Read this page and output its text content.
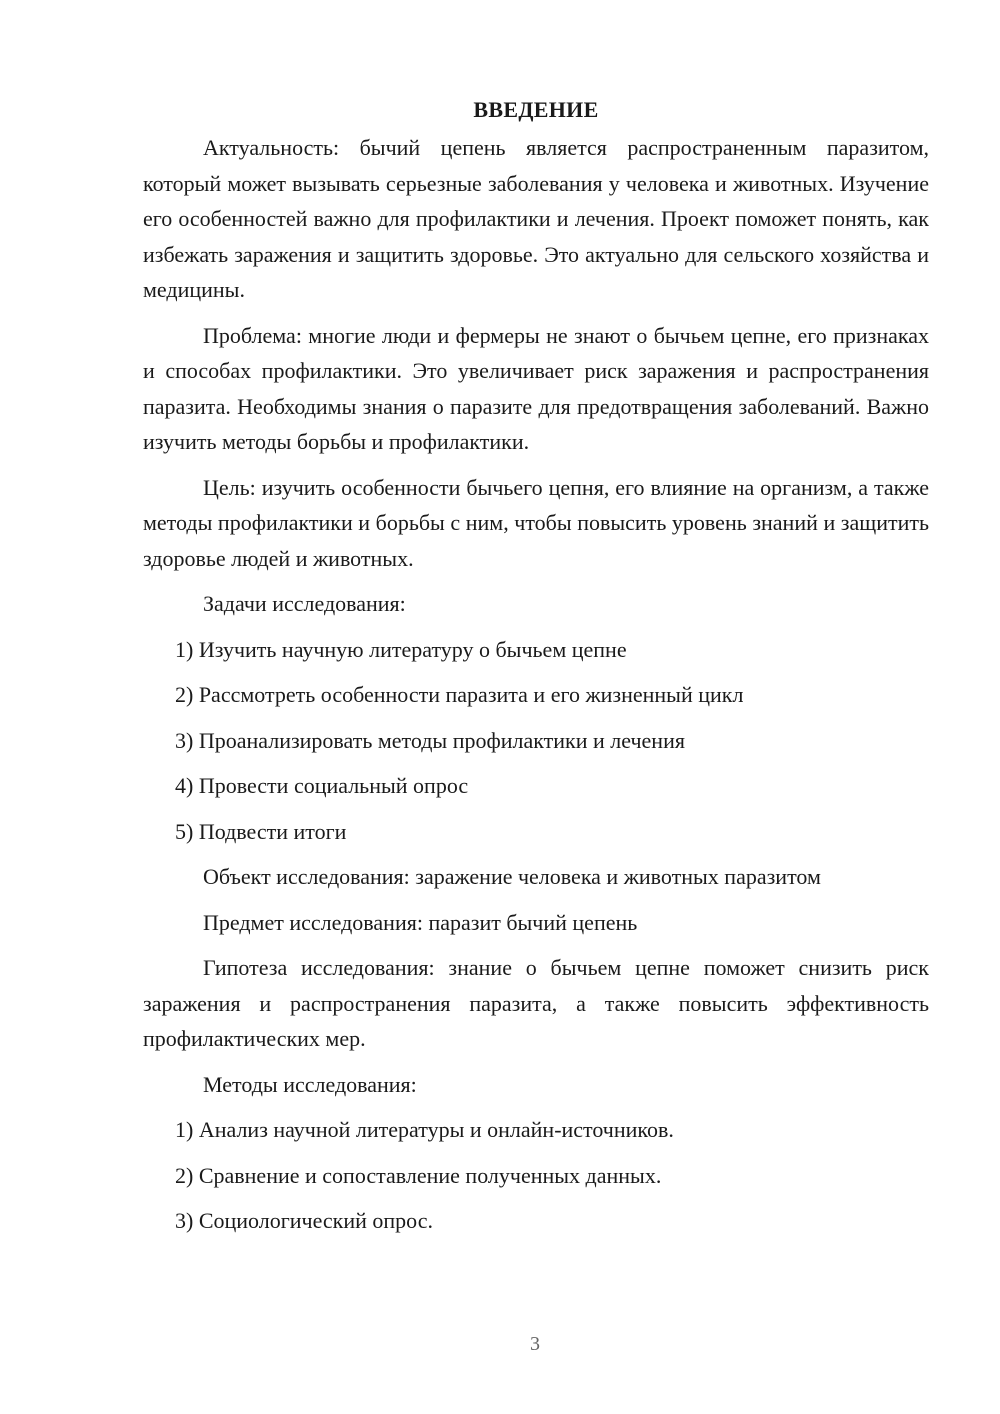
ВВЕДЕНИЕ

Актуальность: бычий цепень является распространенным паразитом, который может вызывать серьезные заболевания у человека и животных. Изучение его особенностей важно для профилактики и лечения. Проект поможет понять, как избежать заражения и защитить здоровье. Это актуально для сельского хозяйства и медицины.

Проблема: многие люди и фермеры не знают о бычьем цепне, его признаках и способах профилактики. Это увеличивает риск заражения и распространения паразита. Необходимы знания о паразите для предотвращения заболеваний. Важно изучить методы борьбы и профилактики.

Цель: изучить особенности бычьего цепня, его влияние на организм, а также методы профилактики и борьбы с ним, чтобы повысить уровень знаний и защитить здоровье людей и животных.

Задачи исследования:
1) Изучить научную литературу о бычьем цепне
2) Рассмотреть особенности паразита и его жизненный цикл
3) Проанализировать методы профилактики и лечения
4) Провести социальный опрос
5) Подвести итоги
Объект исследования: заражение человека и животных паразитом
Предмет исследования: паразит бычий цепень

Гипотеза исследования: знание о бычьем цепне поможет снизить риск заражения и распространения паразита, а также повысить эффективность профилактических мер.

Методы исследования:
1) Анализ научной литературы и онлайн-источников.
2) Сравнение и сопоставление полученных данных.
3) Социологический опрос.
3
